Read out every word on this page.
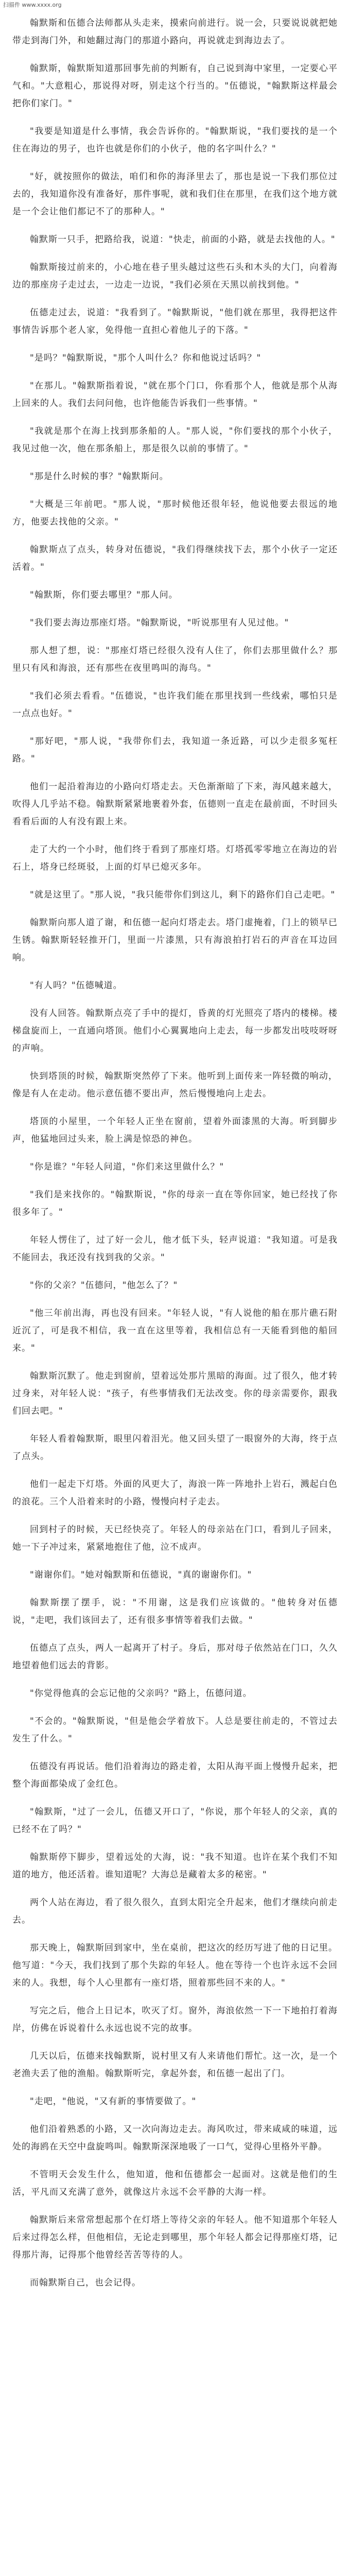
扫描件 www.xxxx.org

翰默斯和伍德合法师都从头走来，摸索向前进行。说一会，只要说说就把她带走到海门外，和她翻过海门的那道小路向，再说就走到海边去了。

翰默斯，翰默斯知道那回事先前的判断有，自己说到海中家里，一定要心平气和。"大意粗心，那说得对呀，别走这个行当的。"伍德说，"翰默斯这样最会把你们家门。"

"我要是知道是什么事情，我会告诉你的。"翰默斯说，"我们要找的是一个住在海边的男子，也许也就是你们的小伙子，他的名字叫什么？"

"好，就按照你的做法，咱们和你的海泽里去了，那也是说一下我们那位过去的，我知道你没有准备好，那件事呢，就和我们住在那里，在我们这个地方就是一个会让他们都记不了的那种人。"

翰默斯一只手，把路给我，说道："快走，前面的小路，就是去找他的人。"

翰默斯接过前来的，小心地在巷子里头越过这些石头和木头的大门，向着海边的那座房子走过去，一边走一边说，"我们必须在天黑以前找到他。"

伍德走过去，说道："我看到了。"翰默斯说，"他们就在那里，我得把这件事情告诉那个老人家，免得他一直担心着他儿子的下落。"

"是吗？"翰默斯说，"那个人叫什么？你和他说过话吗？"

"在那儿。"翰默斯指着说，"就在那个门口，你看那个人，他就是那个从海上回来的人。我们去问问他，也许他能告诉我们一些事情。"

"我就是那个在海上找到那条船的人。"那人说，"你们要找的那个小伙子，我见过他一次，他在那条船上，那是很久以前的事情了。"

"那是什么时候的事？"翰默斯问。

"大概是三年前吧。"那人说，"那时候他还很年轻，他说他要去很远的地方，他要去找他的父亲。"

翰默斯点了点头，转身对伍德说，"我们得继续找下去，那个小伙子一定还活着。"

"翰默斯，你们要去哪里？"那人问。

"我们要去海边那座灯塔。"翰默斯说，"听说那里有人见过他。"

那人想了想，说："那座灯塔已经很久没有人住了，你们去那里做什么？那里只有风和海浪，还有那些在夜里鸣叫的海鸟。"

"我们必须去看看。"伍德说，"也许我们能在那里找到一些线索，哪怕只是一点点也好。"

"那好吧，"那人说，"我带你们去，我知道一条近路，可以少走很多冤枉路。"

他们一起沿着海边的小路向灯塔走去。天色渐渐暗了下来，海风越来越大，吹得人几乎站不稳。翰默斯紧紧地裹着外套，伍德则一直走在最前面，不时回头看看后面的人有没有跟上来。

走了大约一个小时，他们终于看到了那座灯塔。灯塔孤零零地立在海边的岩石上，塔身已经斑驳，上面的灯早已熄灭多年。

"就是这里了。"那人说，"我只能带你们到这儿，剩下的路你们自己走吧。"

翰默斯向那人道了谢，和伍德一起向灯塔走去。塔门虚掩着，门上的锁早已生锈。翰默斯轻轻推开门，里面一片漆黑，只有海浪拍打岩石的声音在耳边回响。

"有人吗？"伍德喊道。

没有人回答。翰默斯点亮了手中的提灯，昏黄的灯光照亮了塔内的楼梯。楼梯盘旋而上，一直通向塔顶。他们小心翼翼地向上走去，每一步都发出吱吱呀呀的声响。

快到塔顶的时候，翰默斯突然停了下来。他听到上面传来一阵轻微的响动，像是有人在走动。他示意伍德不要出声，然后慢慢地向上走去。

塔顶的小屋里，一个年轻人正坐在窗前，望着外面漆黑的大海。听到脚步声，他猛地回过头来，脸上满是惊恐的神色。

"你是谁？"年轻人问道，"你们来这里做什么？"

"我们是来找你的。"翰默斯说，"你的母亲一直在等你回家，她已经找了你很多年了。"

年轻人愣住了，过了好一会儿，他才低下头，轻声说道："我知道。可是我不能回去，我还没有找到我的父亲。"

"你的父亲？"伍德问，"他怎么了？"

"他三年前出海，再也没有回来。"年轻人说，"有人说他的船在那片礁石附近沉了，可是我不相信，我一直在这里等着，我相信总有一天能看到他的船回来。"

翰默斯沉默了。他走到窗前，望着远处那片黑暗的海面。过了很久，他才转过身来，对年轻人说："孩子，有些事情我们无法改变。你的母亲需要你，跟我们回去吧。"

年轻人看着翰默斯，眼里闪着泪光。他又回头望了一眼窗外的大海，终于点了点头。

他们一起走下灯塔。外面的风更大了，海浪一阵一阵地扑上岩石，溅起白色的浪花。三个人沿着来时的小路，慢慢向村子走去。

回到村子的时候，天已经快亮了。年轻人的母亲站在门口，看到儿子回来，她一下子冲过来，紧紧地抱住了他，泣不成声。

"谢谢你们。"她对翰默斯和伍德说，"真的谢谢你们。"

翰默斯摆了摆手，说："不用谢，这是我们应该做的。"他转身对伍德说，"走吧，我们该回去了，还有很多事情等着我们去做。"

伍德点了点头，两人一起离开了村子。身后，那对母子依然站在门口，久久地望着他们远去的背影。

"你觉得他真的会忘记他的父亲吗？"路上，伍德问道。

"不会的。"翰默斯说，"但是他会学着放下。人总是要往前走的，不管过去发生了什么。"

伍德没有再说话。他们沿着海边的路走着，太阳从海平面上慢慢升起来，把整个海面都染成了金红色。

"翰默斯，"过了一会儿，伍德又开口了，"你说，那个年轻人的父亲，真的已经不在了吗？"

翰默斯停下脚步，望着远处的大海，说："我不知道。也许在某个我们不知道的地方，他还活着。谁知道呢？大海总是藏着太多的秘密。"

两个人站在海边，看了很久很久，直到太阳完全升起来，他们才继续向前走去。

那天晚上，翰默斯回到家中，坐在桌前，把这次的经历写进了他的日记里。他写道："今天，我们找到了那个失踪的年轻人。他在等待一个也许永远不会回来的人。我想，每个人心里都有一座灯塔，照着那些回不来的人。"

写完之后，他合上日记本，吹灭了灯。窗外，海浪依然一下一下地拍打着海岸，仿佛在诉说着什么永远也说不完的故事。

几天以后，伍德来找翰默斯，说村里又有人来请他们帮忙。这一次，是一个老渔夫丢了他的渔船。翰默斯听完，拿起外套，和伍德一起出了门。

"走吧，"他说，"又有新的事情要做了。"

他们沿着熟悉的小路，又一次向海边走去。海风吹过，带来咸咸的味道，远处的海鸥在天空中盘旋鸣叫。翰默斯深深地吸了一口气，觉得心里格外平静。

不管明天会发生什么，他知道，他和伍德都会一起面对。这就是他们的生活，平凡而又充满了意外，就像这片永远不会平静的大海一样。

翰默斯后来常常想起那个在灯塔上等待父亲的年轻人。他不知道那个年轻人后来过得怎么样，但他相信，无论走到哪里，那个年轻人都会记得那座灯塔，记得那片海，记得那个他曾经苦苦等待的人。

而翰默斯自己，也会记得。
